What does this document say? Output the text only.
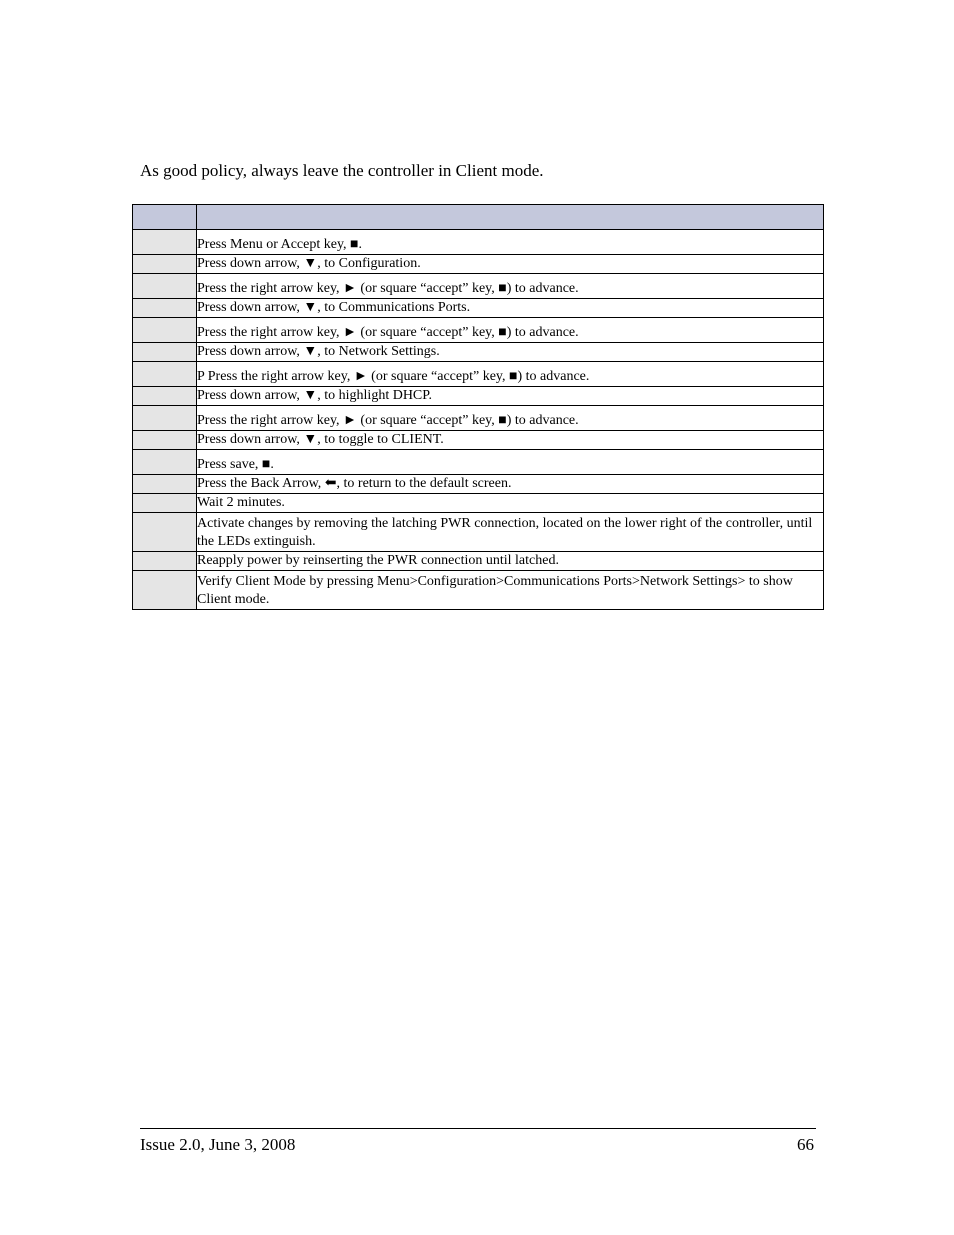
As good policy, always leave the controller in Client mode.

	Press Menu or Accept key, ■.
	Press down arrow, ▼, to Configuration.
	Press the right arrow key, ► (or square “accept” key, ■) to advance.
	Press down arrow, ▼, to Communications Ports.
	Press the right arrow key, ► (or square “accept” key, ■) to advance.
	Press down arrow, ▼, to Network Settings.
	P Press the right arrow key, ► (or square “accept” key, ■) to advance.
	Press down arrow, ▼, to highlight DHCP.
	Press the right arrow key, ► (or square “accept” key, ■) to advance.
	Press down arrow, ▼, to toggle to CLIENT.
	Press save, ■.
	Press the Back Arrow, ⬅, to return to the default screen.
	Wait 2 minutes.
	Activate changes by removing the latching PWR connection, located on the lower right of the controller, until the LEDs extinguish.
	Reapply power by reinserting the PWR connection until latched.
	Verify Client Mode by pressing Menu>Configuration>Communications Ports>Network Settings> to show Client mode.
Issue 2.0, June 3, 2008	66
